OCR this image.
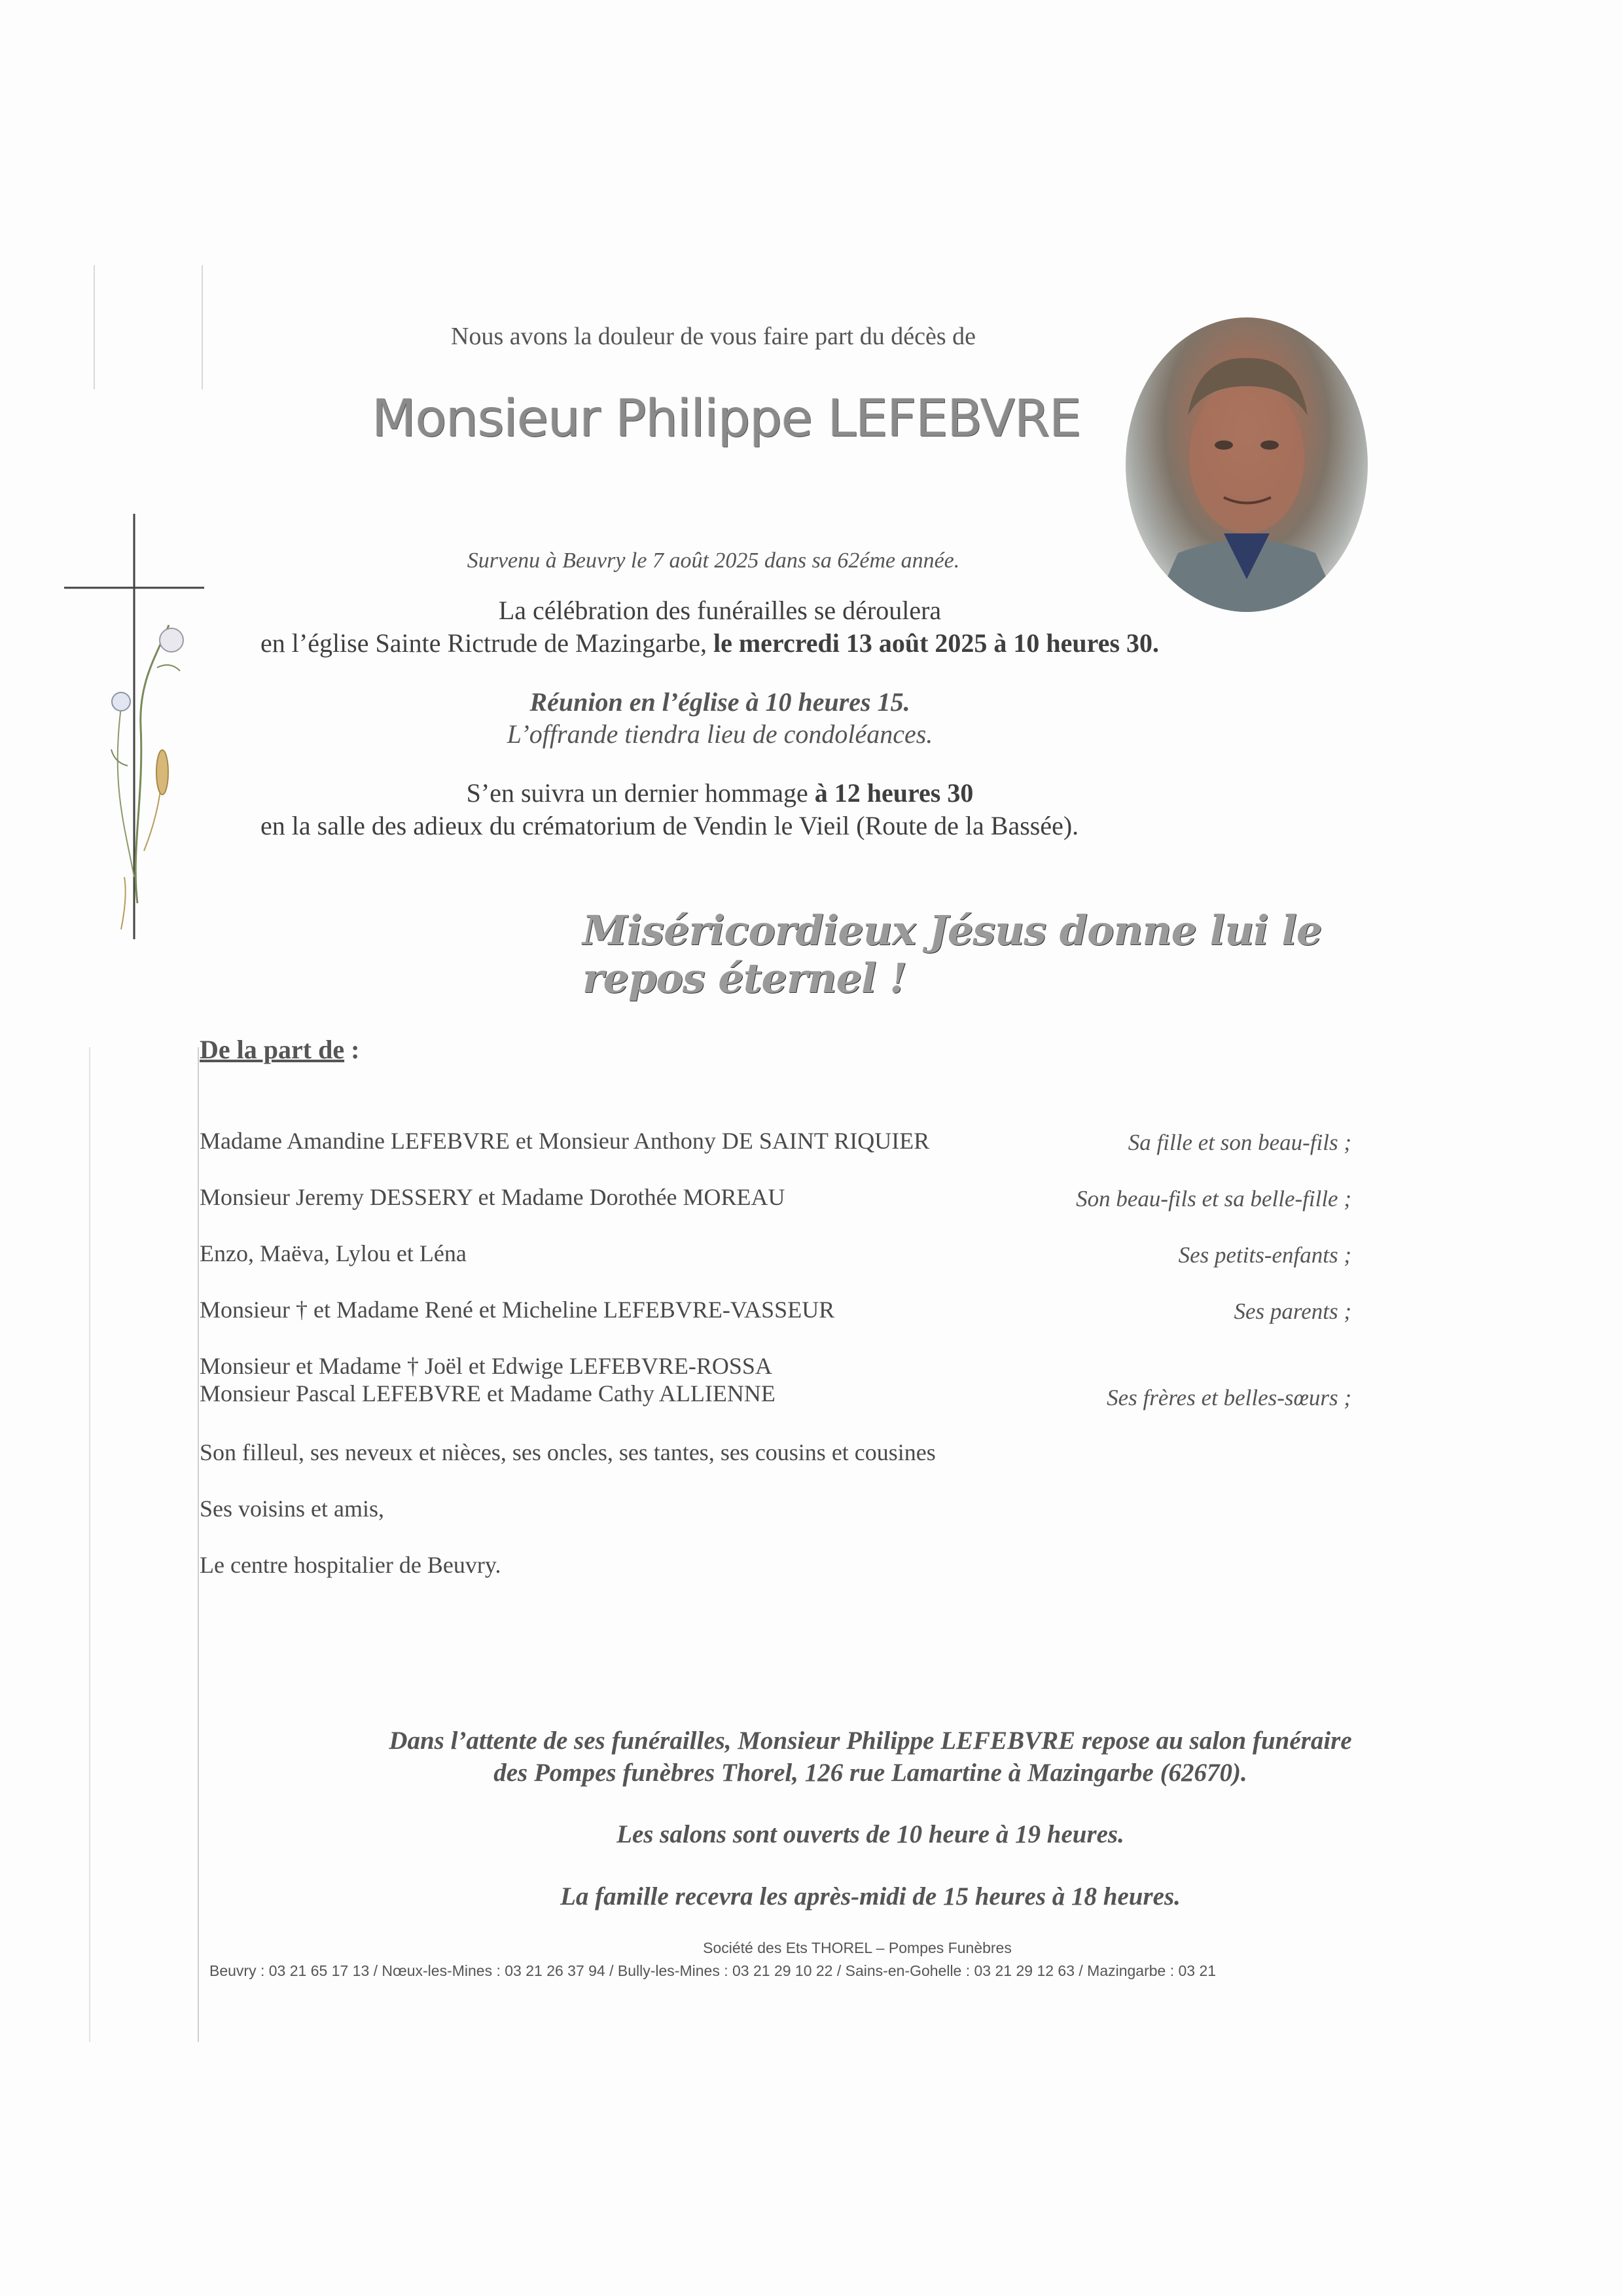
Nous avons la douleur de vous faire part du décès de
Monsieur Philippe LEFEBVRE
Survenu à Beuvry le 7 août 2025 dans sa 62éme année.
La célébration des funérailles se déroulera
en l’église Sainte Rictrude de Mazingarbe, le mercredi 13 août 2025 à 10 heures 30.
Réunion en l’église à 10 heures 15.
L’offrande tiendra lieu de condoléances.
S’en suivra un dernier hommage à 12 heures 30
en la salle des adieux du crématorium de Vendin le Vieil (Route de la Bassée).
Miséricordieux Jésus donne lui le repos éternel !
De la part de :
Madame Amandine LEFEBVRE et Monsieur Anthony DE SAINT RIQUIER	Sa fille et son beau-fils ;
Monsieur Jeremy DESSERY et Madame Dorothée MOREAU	Son beau-fils et sa belle-fille ;
Enzo, Maëva, Lylou et Léna	Ses petits-enfants ;
Monsieur † et Madame René et Micheline LEFEBVRE-VASSEUR	Ses parents ;
Monsieur et Madame † Joël et Edwige LEFEBVRE-ROSSA
Monsieur Pascal LEFEBVRE et Madame Cathy ALLIENNE	Ses frères et belles-sœurs ;
Son filleul, ses neveux et nièces, ses oncles, ses tantes, ses cousins et cousines
Ses voisins et amis,
Le centre hospitalier de Beuvry.
Dans l’attente de ses funérailles, Monsieur Philippe LEFEBVRE repose au salon funéraire
des Pompes funèbres Thorel, 126 rue Lamartine à Mazingarbe (62670).
Les salons sont ouverts de 10 heure à 19 heures.
La famille recevra les après-midi de 15 heures à 18 heures.
Société des Ets THOREL – Pompes Funèbres
Beuvry : 03 21 65 17 13 / Nœux-les-Mines : 03 21 26 37 94 / Bully-les-Mines : 03 21 29 10 22 / Sains-en-Gohelle : 03 21 29 12 63 / Mazingarbe : 03 21
